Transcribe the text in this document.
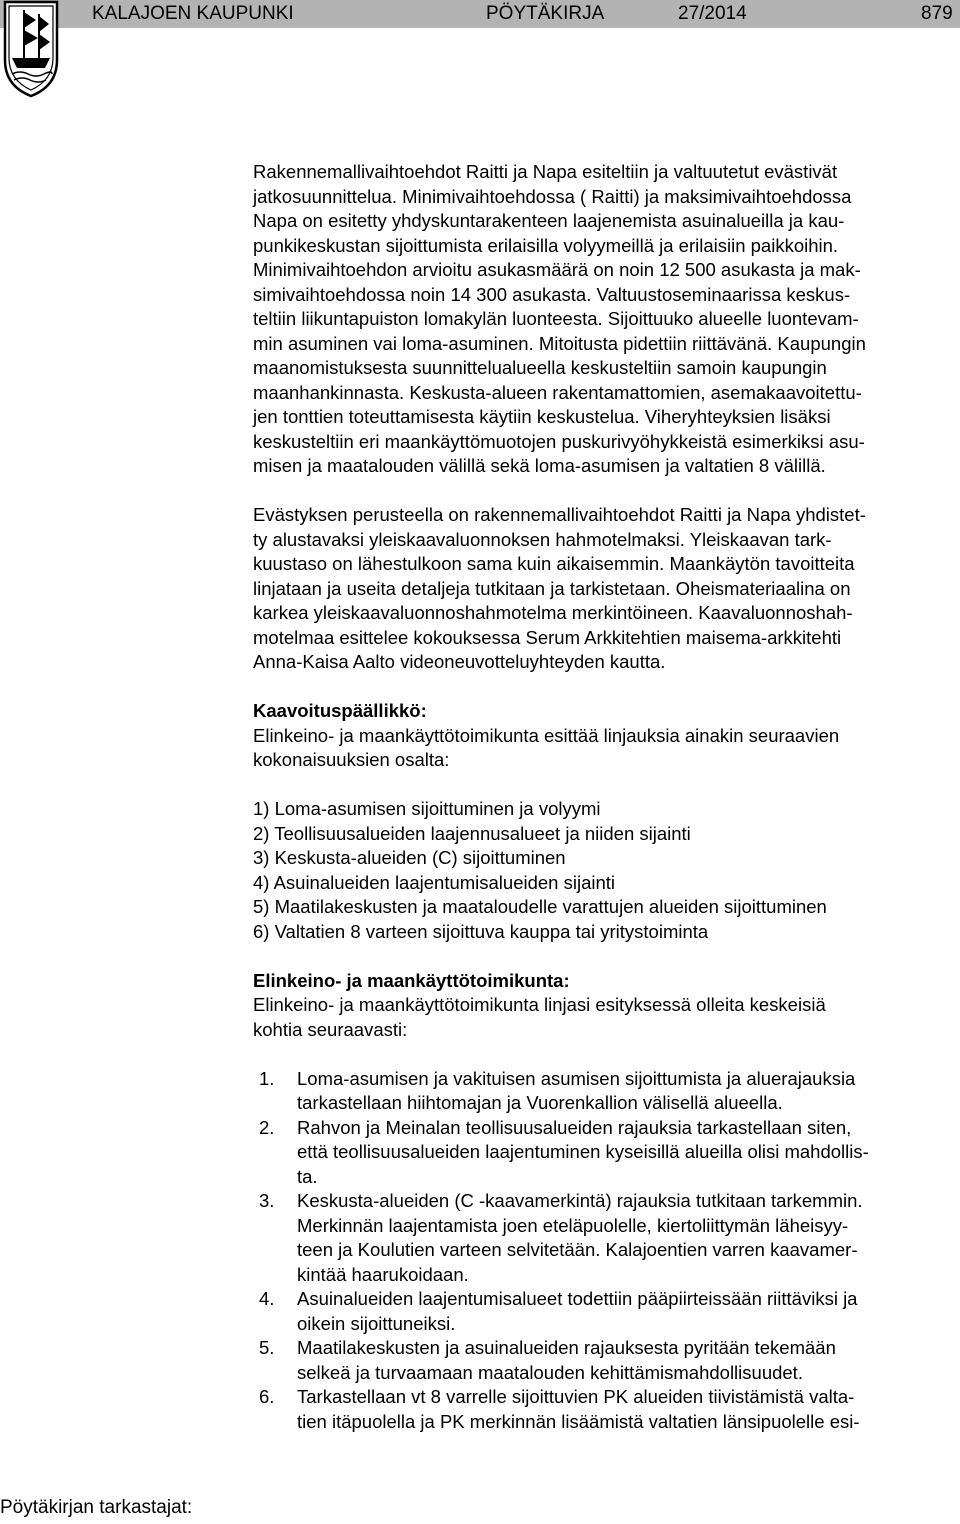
KALAJOEN KAUPUNKI	PÖYTÄKIRJA	27/2014	879

Rakennemallivaihtoehdot Raitti ja Napa esiteltiin ja valtuutetut evästivät
jatkosuunnittelua. Minimivaihtoehdossa ( Raitti) ja maksimivaihtoehdossa
Napa on esitetty yhdyskuntarakenteen laajenemista asuinalueilla ja kau-
punkikeskustan sijoittumista erilaisilla volyymeillä ja erilaisiin paikkoihin.
Minimivaihtoehdon arvioitu asukasmäärä on noin 12 500 asukasta ja mak-
simivaihtoehdossa noin 14 300 asukasta. Valtuustoseminaarissa keskus-
teltiin liikuntapuiston lomakylän luonteesta. Sijoittuuko alueelle luontevam-
min asuminen vai loma-asuminen. Mitoitusta pidettiin riittävänä. Kaupungin
maanomistuksesta suunnittelualueella keskusteltiin samoin kaupungin
maanhankinnasta. Keskusta-alueen rakentamattomien, asemakaavoitettu-
jen tonttien toteuttamisesta käytiin keskustelua. Viheryhteyksien lisäksi
keskusteltiin eri maankäyttömuotojen puskurivyöhykkeistä esimerkiksi asu-
misen ja maatalouden välillä sekä loma-asumisen ja valtatien 8 välillä.

Evästyksen perusteella on rakennemallivaihtoehdot Raitti ja Napa yhdistet-
ty alustavaksi yleiskaavaluonnoksen hahmotelmaksi. Yleiskaavan tark-
kuustaso on lähestulkoon sama kuin aikaisemmin. Maankäytön tavoitteita
linjataan ja useita detaljeja tutkitaan ja tarkistetaan. Oheismateriaalina on
karkea yleiskaavaluonnoshahmotelma merkintöineen. Kaavaluonnoshah-
motelmaa esittelee kokouksessa Serum Arkkitehtien maisema-arkkitehti
Anna-Kaisa Aalto videoneuvotteluyhteyden kautta.

Kaavoituspäällikkö:

Elinkeino- ja maankäyttötoimikunta esittää linjauksia ainakin seuraavien

kokonaisuuksien osalta:

1) Loma-asumisen sijoittuminen ja volyymi

2) Teollisuusalueiden laajennusalueet ja niiden sijainti

3) Keskusta-alueiden (C) sijoittuminen

4) Asuinalueiden laajentumisalueiden sijainti

5) Maatilakeskusten ja maataloudelle varattujen alueiden sijoittuminen

6) Valtatien 8 varteen sijoittuva kauppa tai yritystoiminta

Elinkeino- ja maankäyttötoimikunta:

Elinkeino- ja maankäyttötoimikunta linjasi esityksessä olleita keskeisiä

kohtia seuraavasti:

1. Loma-asumisen ja vakituisen asumisen sijoittumista ja aluerajauksia
tarkastellaan hiihtomajan ja Vuorenkallion välisellä alueella.
2. Rahvon ja Meinalan teollisuusalueiden rajauksia tarkastellaan siten,
että teollisuusalueiden laajentuminen kyseisillä alueilla olisi mahdollis-
ta.
3. Keskusta-alueiden (C -kaavamerkintä) rajauksia tutkitaan tarkemmin.
Merkinnän laajentamista joen eteläpuolelle, kiertoliittymän läheisyy-
teen ja Koulutien varteen selvitetään. Kalajoentien varren kaavamer-
kintää haarukoidaan.
4. Asuinalueiden laajentumisalueet todettiin pääpiirteissään riittäviksi ja
oikein sijoittuneiksi.
5. Maatilakeskusten ja asuinalueiden rajauksesta pyritään tekemään
selkeä ja turvaamaan maatalouden kehittämismahdollisuudet.
6. Tarkastellaan vt 8 varrelle sijoittuvien PK alueiden tiivistämistä valta-
tien itäpuolella ja PK merkinnän lisäämistä valtatien länsipuolelle esi-
Pöytäkirjan tarkastajat:
